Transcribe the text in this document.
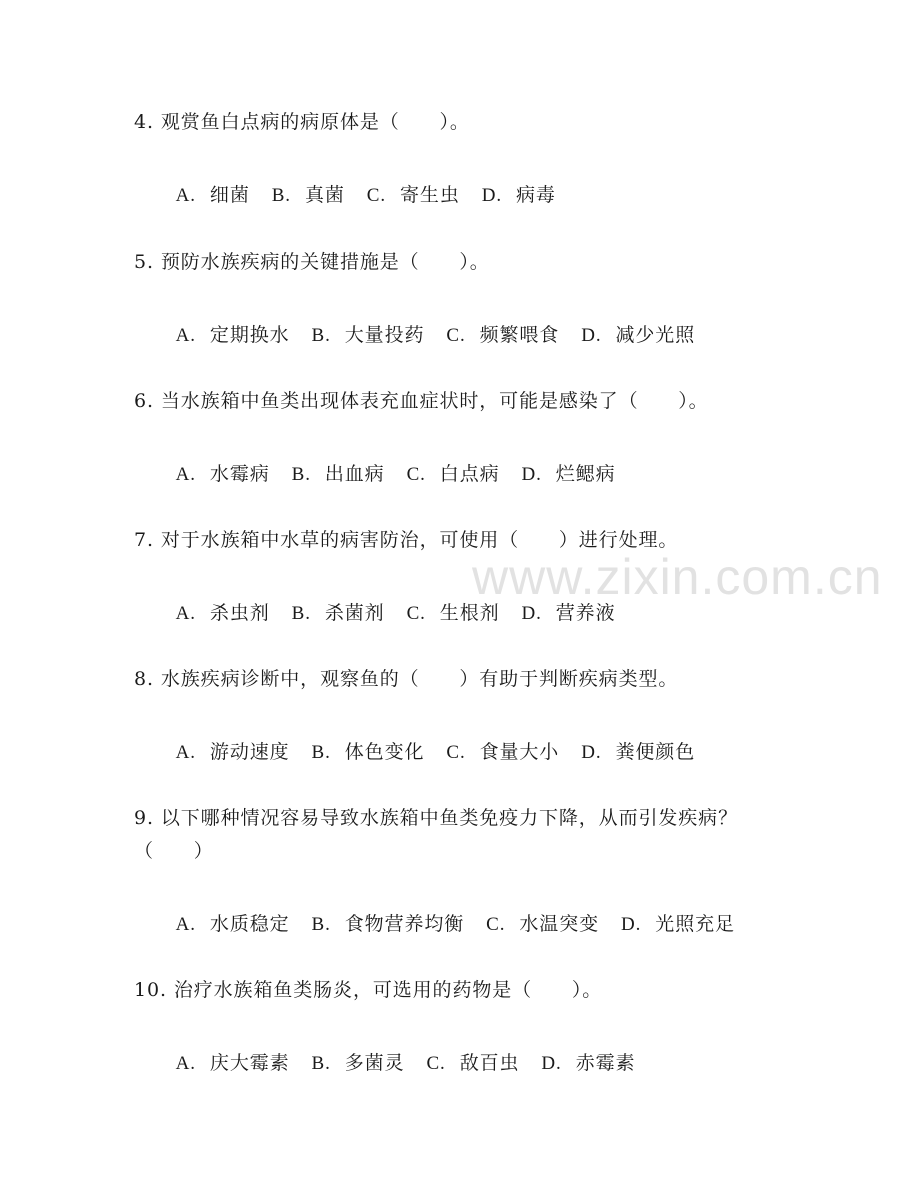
4. 观赏鱼白点病的病原体是（　　）。

A. 细菌 B. 真菌 C. 寄生虫 D. 病毒

5. 预防水族疾病的关键措施是（　　）。

A. 定期换水 B. 大量投药 C. 频繁喂食 D. 减少光照

6. 当水族箱中鱼类出现体表充血症状时，可能是感染了（　　）。

A. 水霉病 B. 出血病 C. 白点病 D. 烂鳃病

7. 对于水族箱中水草的病害防治，可使用（　　）进行处理。

A. 杀虫剂 B. 杀菌剂 C. 生根剂 D. 营养液

8. 水族疾病诊断中，观察鱼的（　　）有助于判断疾病类型。

A. 游动速度 B. 体色变化 C. 食量大小 D. 粪便颜色

9. 以下哪种情况容易导致水族箱中鱼类免疫力下降，从而引发疾病？（　　）

A. 水质稳定 B. 食物营养均衡 C. 水温突变 D. 光照充足

10. 治疗水族箱鱼类肠炎，可选用的药物是（　　）。

A. 庆大霉素 B. 多菌灵 C. 敌百虫 D. 赤霉素

www.zixin.com.cn
